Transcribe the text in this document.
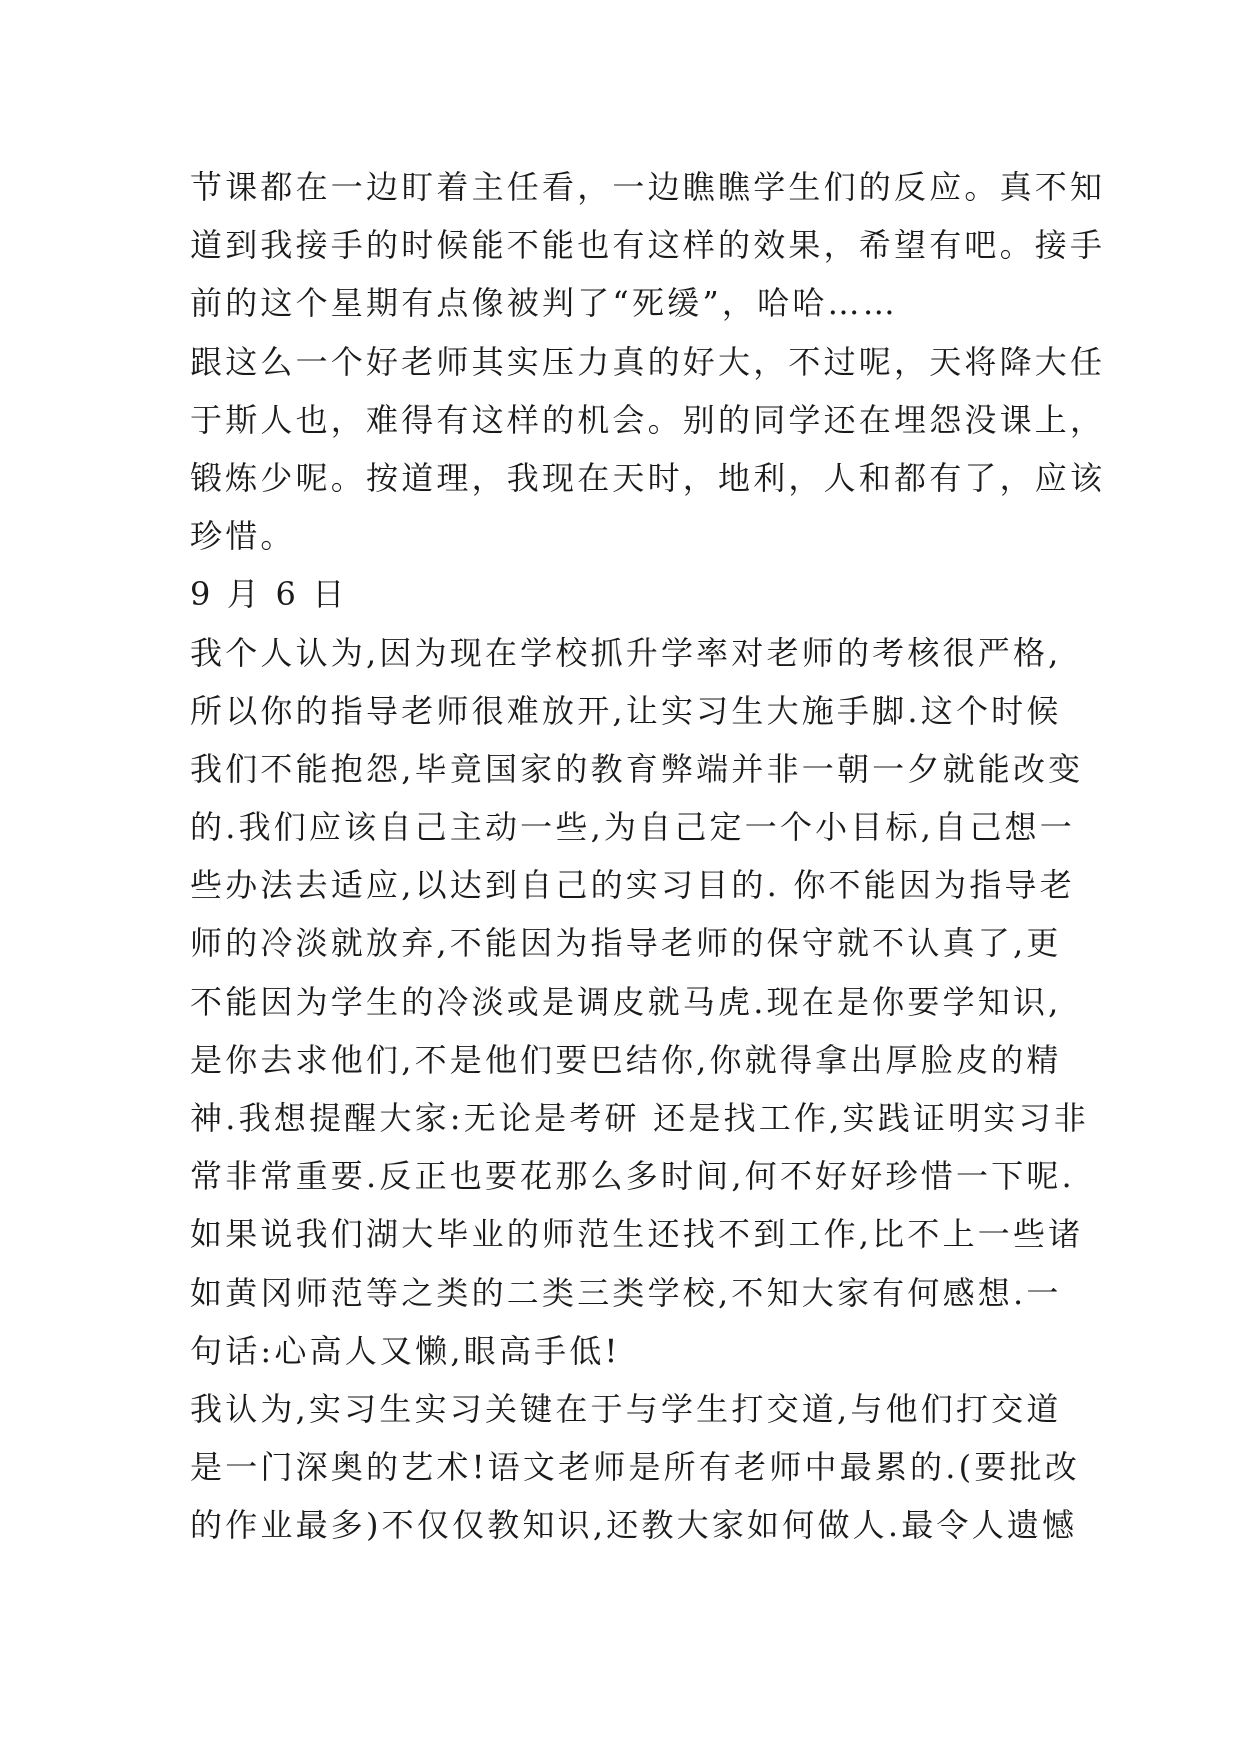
节课都在一边盯着主任看，一边瞧瞧学生们的反应。真不知
道到我接手的时候能不能也有这样的效果，希望有吧。接手
前的这个星期有点像被判了“死缓”，哈哈……
跟这么一个好老师其实压力真的好大，不过呢，天将降大任
于斯人也，难得有这样的机会。别的同学还在埋怨没课上，
锻炼少呢。按道理，我现在天时，地利，人和都有了，应该
珍惜。
9 月 6 日
我个人认为,因为现在学校抓升学率对老师的考核很严格,
所以你的指导老师很难放开,让实习生大施手脚.这个时候
我们不能抱怨,毕竟国家的教育弊端并非一朝一夕就能改变
的.我们应该自己主动一些,为自己定一个小目标,自己想一
些办法去适应,以达到自己的实习目的. 你不能因为指导老
师的冷淡就放弃,不能因为指导老师的保守就不认真了,更
不能因为学生的冷淡或是调皮就马虎.现在是你要学知识,
是你去求他们,不是他们要巴结你,你就得拿出厚脸皮的精
神.我想提醒大家:无论是考研 还是找工作,实践证明实习非
常非常重要.反正也要花那么多时间,何不好好珍惜一下呢.
如果说我们湖大毕业的师范生还找不到工作,比不上一些诸
如黄冈师范等之类的二类三类学校,不知大家有何感想.一
句话:心高人又懒,眼高手低!
我认为,实习生实习关键在于与学生打交道,与他们打交道
是一门深奥的艺术!语文老师是所有老师中最累的.(要批改
的作业最多)不仅仅教知识,还教大家如何做人.最令人遗憾
